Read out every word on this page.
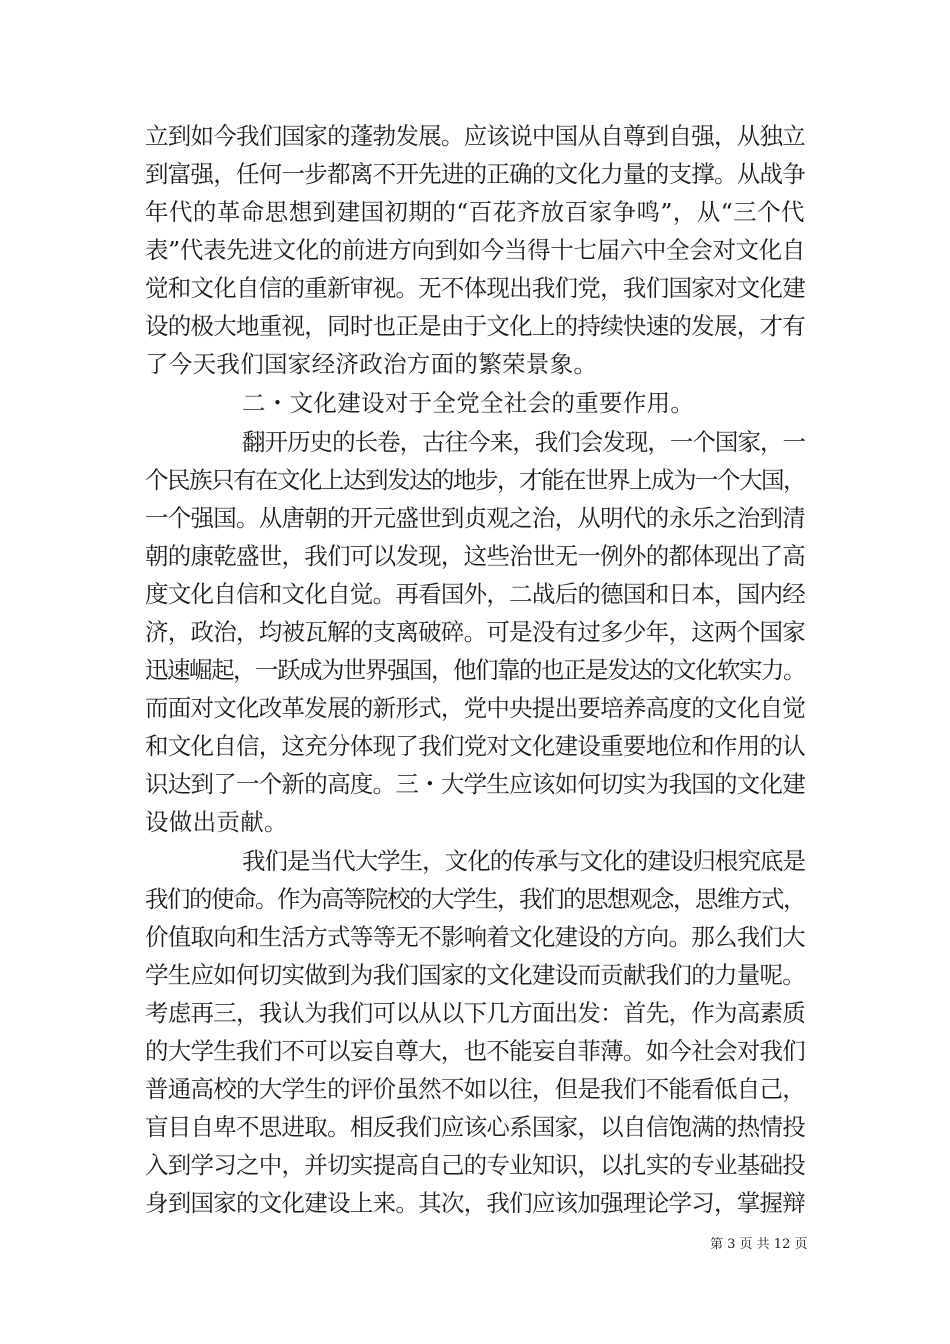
立到如今我们国家的蓬勃发展。应该说中国从自尊到自强，从独立
到富强，任何一步都离不开先进的正确的文化力量的支撑。从战争
年代的革命思想到建国初期的“百花齐放百家争鸣”，从“三个代
表”代表先进文化的前进方向到如今当得十七届六中全会对文化自
觉和文化自信的重新审视。无不体现出我们党，我们国家对文化建
设的极大地重视，同时也正是由于文化上的持续快速的发展，才有
了今天我们国家经济政治方面的繁荣景象。
二・文化建设对于全党全社会的重要作用。
翻开历史的长卷，古往今来，我们会发现，一个国家，一
个民族只有在文化上达到发达的地步，才能在世界上成为一个大国，
一个强国。从唐朝的开元盛世到贞观之治，从明代的永乐之治到清
朝的康乾盛世，我们可以发现，这些治世无一例外的都体现出了高
度文化自信和文化自觉。再看国外，二战后的德国和日本，国内经
济，政治，均被瓦解的支离破碎。可是没有过多少年，这两个国家
迅速崛起，一跃成为世界强国，他们靠的也正是发达的文化软实力。
而面对文化改革发展的新形式，党中央提出要培养高度的文化自觉
和文化自信，这充分体现了我们党对文化建设重要地位和作用的认
识达到了一个新的高度。三・大学生应该如何切实为我国的文化建
设做出贡献。
我们是当代大学生，文化的传承与文化的建设归根究底是
我们的使命。作为高等院校的大学生，我们的思想观念，思维方式，
价值取向和生活方式等等无不影响着文化建设的方向。那么我们大
学生应如何切实做到为我们国家的文化建设而贡献我们的力量呢。
考虑再三，我认为我们可以从以下几方面出发：首先，作为高素质
的大学生我们不可以妄自尊大，也不能妄自菲薄。如今社会对我们
普通高校的大学生的评价虽然不如以往，但是我们不能看低自己，
盲目自卑不思进取。相反我们应该心系国家，以自信饱满的热情投
入到学习之中，并切实提高自己的专业知识，以扎实的专业基础投
身到国家的文化建设上来。其次，我们应该加强理论学习，掌握辩
第 3 页 共 12 页
